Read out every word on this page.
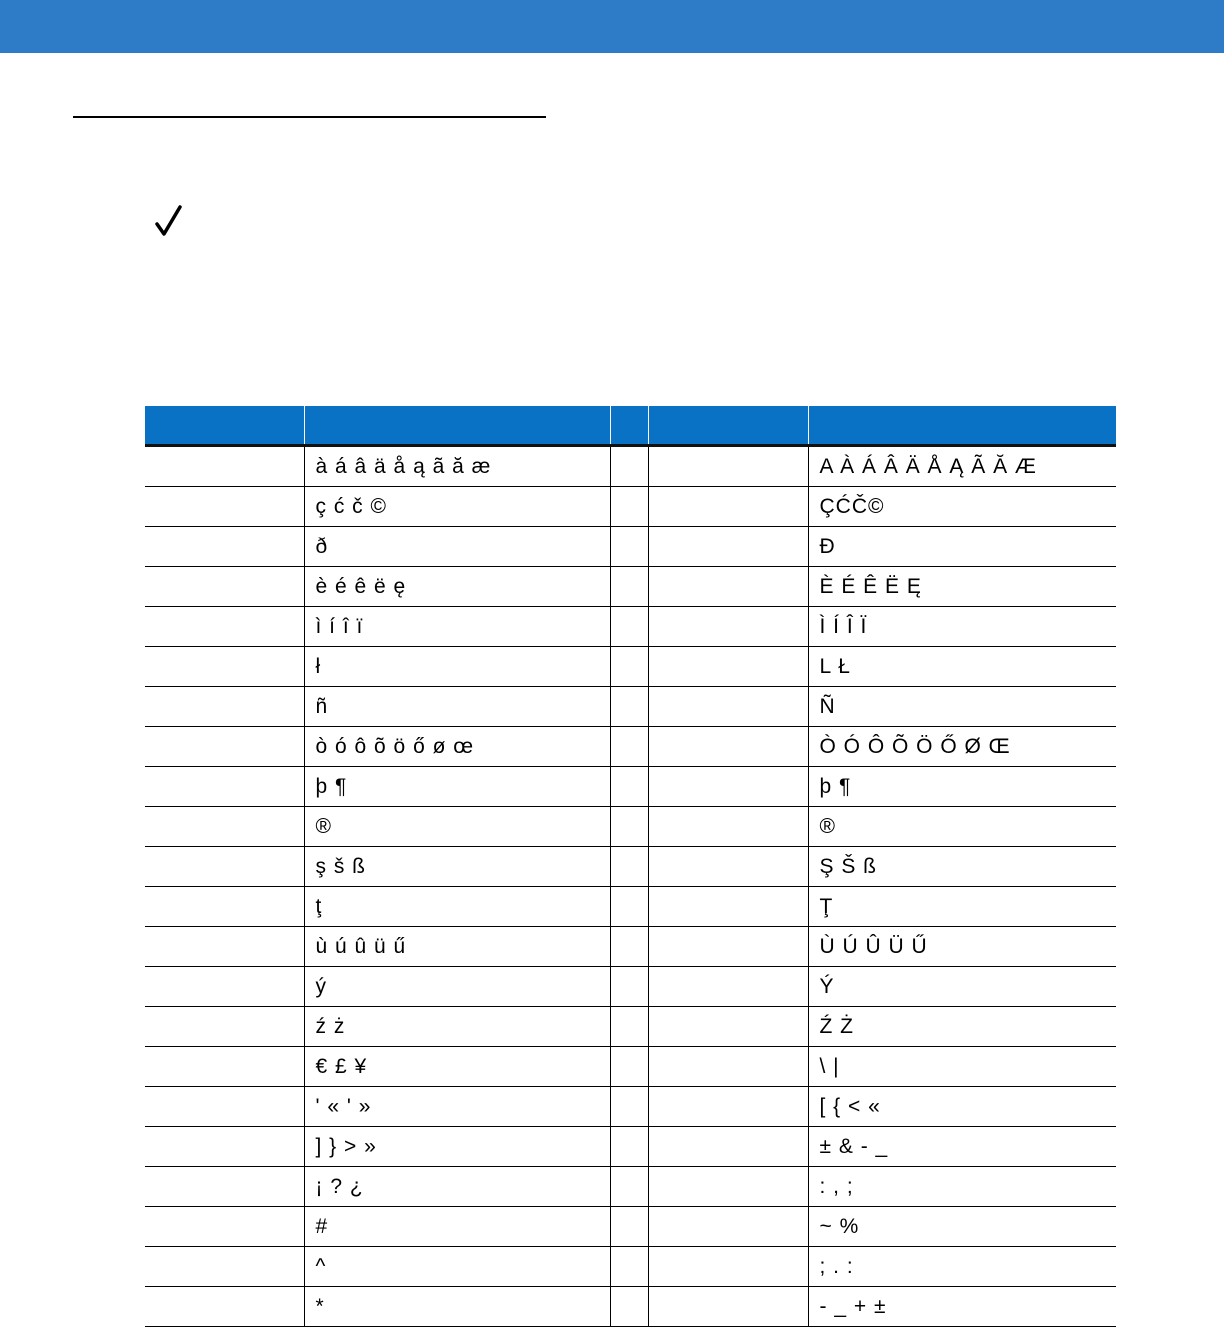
	à á â ä å ą ã ă æ			A À Á Â Ä Å Ą Ã Ă Æ
	ç ć č ©			ÇĆČ©
	ð			Ð
	è é ê ë ę			È É Ê Ë Ę
	ì í î ï			Ì Í Î Ï
	ł			L Ł
	ñ			Ñ
	ò ó ô õ ö ő ø œ			Ò Ó Ô Õ Ö Ő Ø Œ
	þ ¶			þ ¶
	®			®
	ş š ß			Ş Š ß
	ţ			Ţ
	ù ú û ü ű			Ù Ú Û Ü Ű
	ý			Ý
	ź ż			Ź Ż
	€ £ ¥			\ |
	' « ' »			[ { < «
	] } > »			± & - _
	¡ ? ¿			: , ;
	#			~ %
	^			; . :
	*			- _ + ±
